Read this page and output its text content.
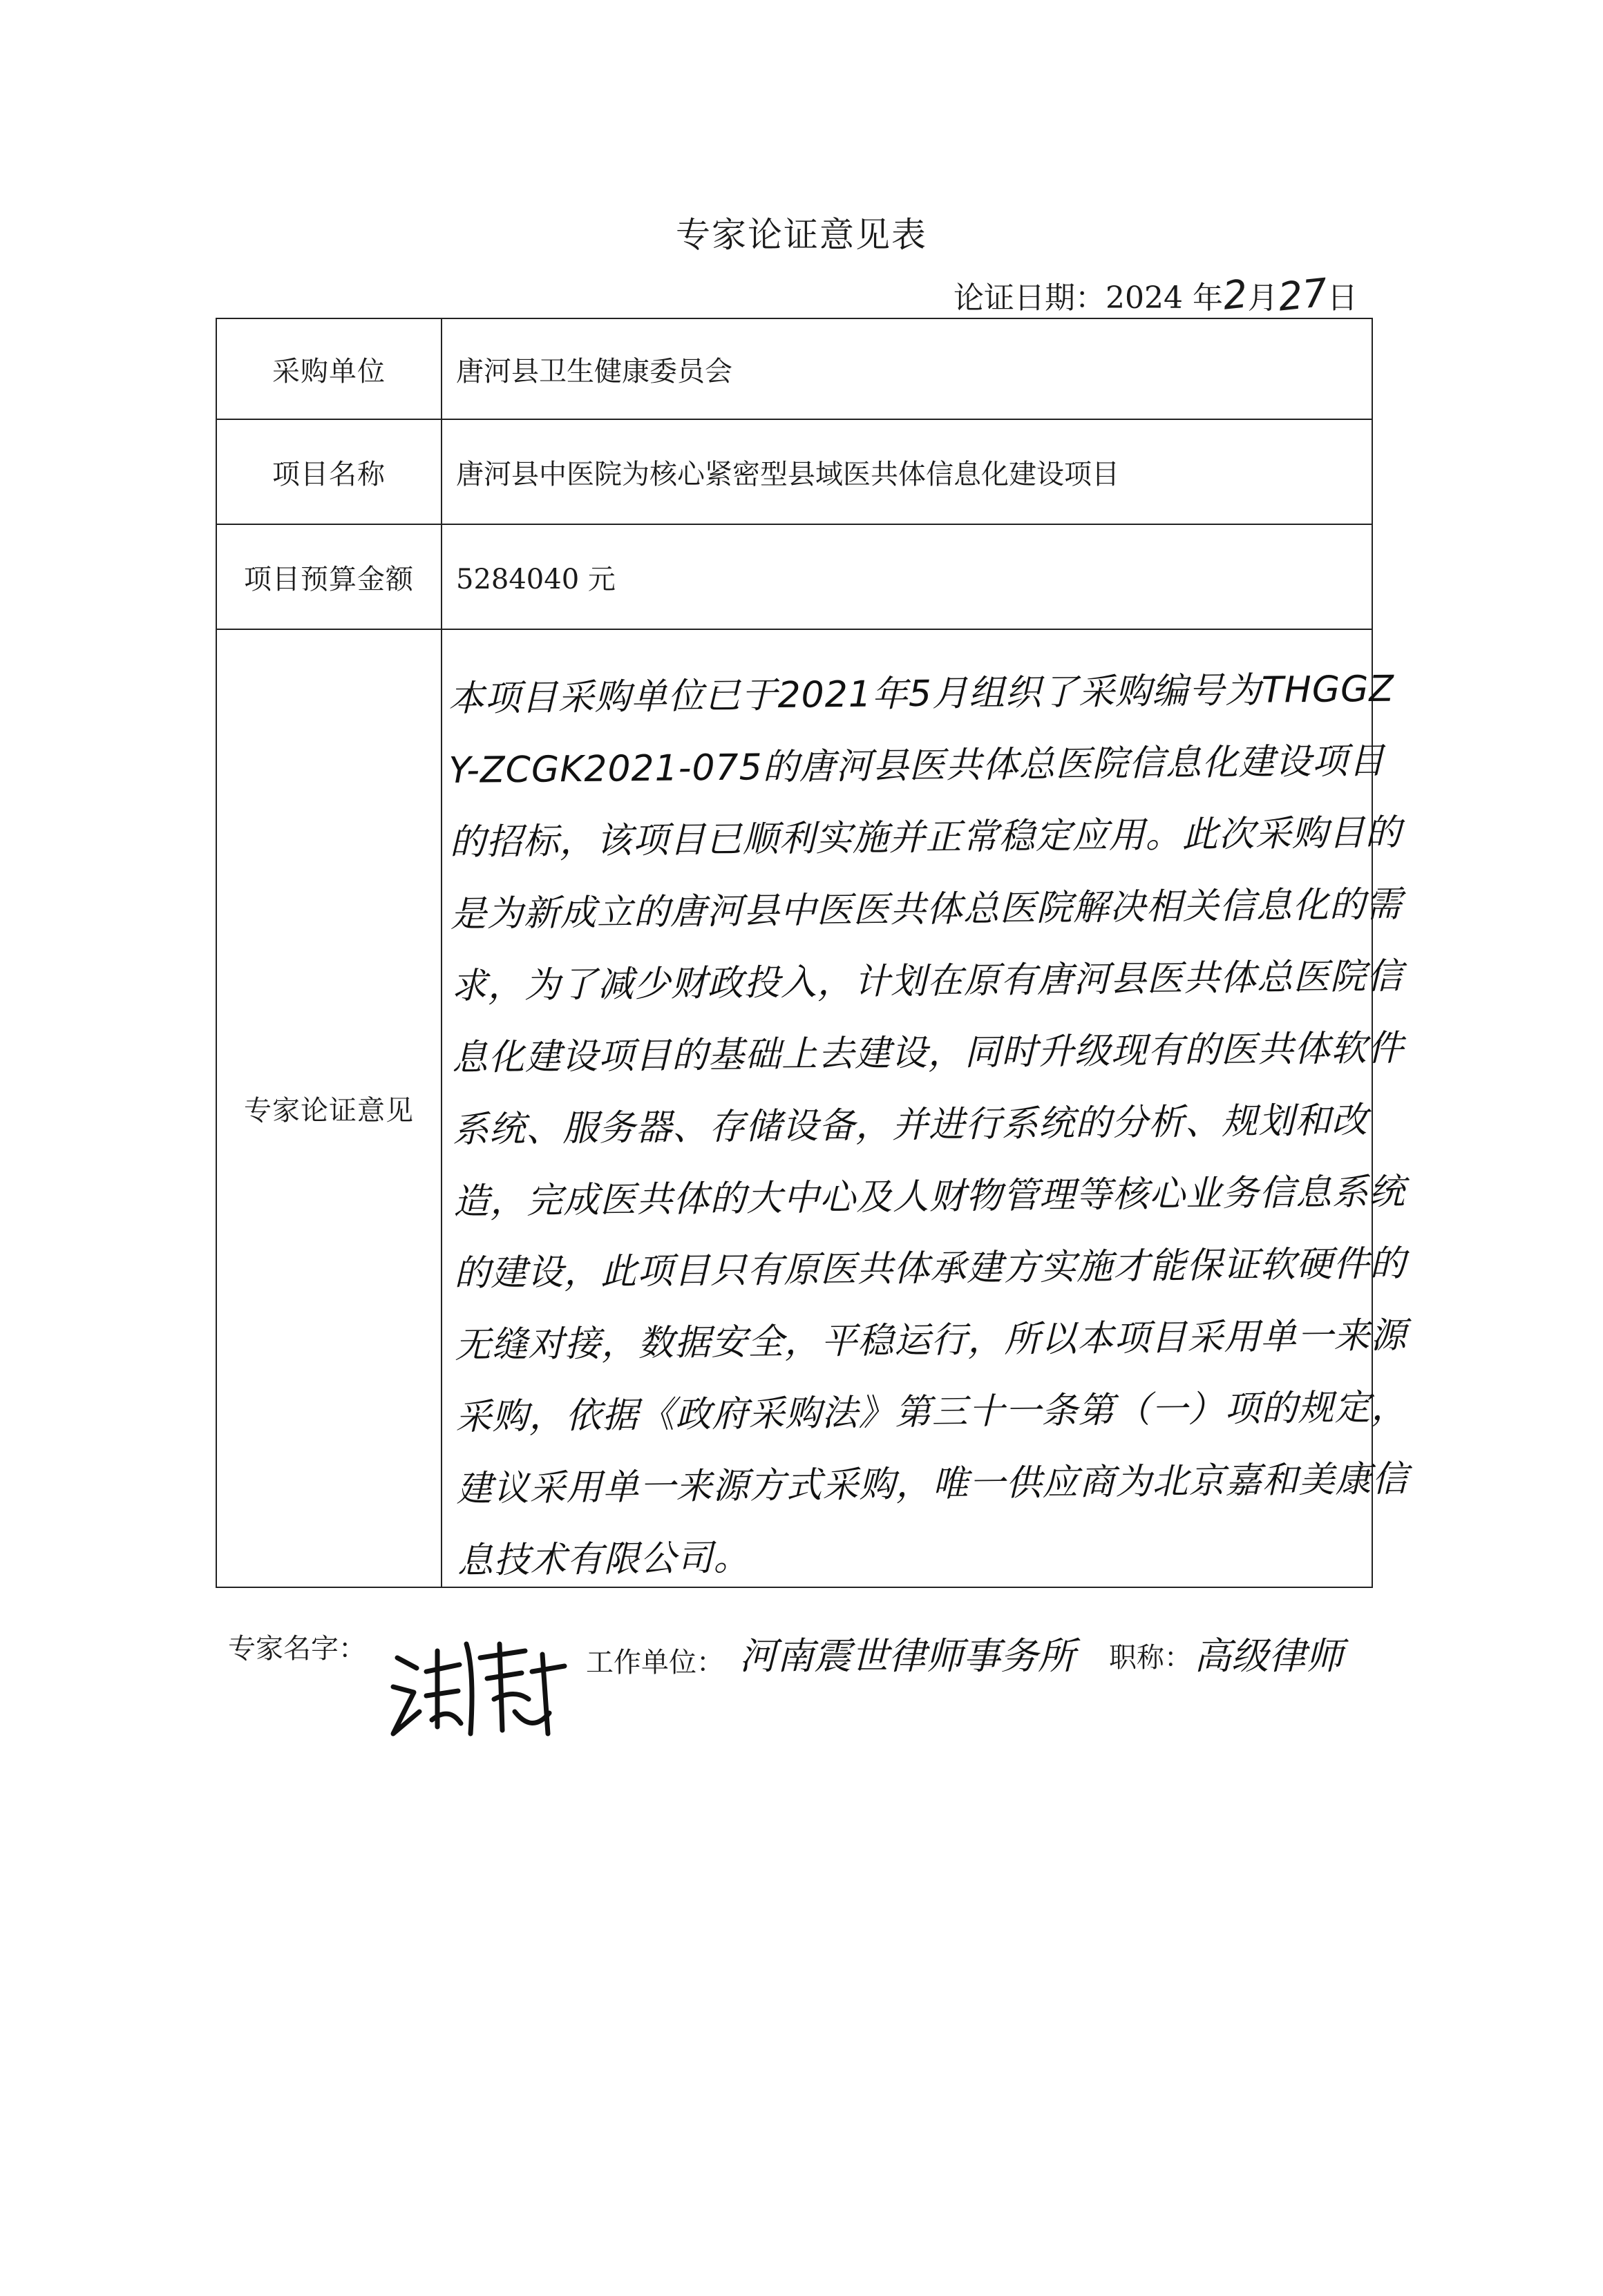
专家论证意见表
论证日期：2024 年2月27日
采购单位	唐河县卫生健康委员会
项目名称	唐河县中医院为核心紧密型县域医共体信息化建设项目
项目预算金额	5284040 元
专家论证意见	
本项目采购单位已于2021年5月组织了采购编号为THGGZY-ZCGK2021-075的唐河县医共体总医院信息化建设项目的招标，该项目已顺利实施并正常稳定应用。此次采购目的是为新成立的唐河县中医医共体总医院解决相关信息化的需求，为了减少财政投入，计划在原有唐河县医共体总医院信息化建设项目的基础上去建设，同时升级现有的医共体软件系统、服务器、存储设备，并进行系统的分析、规划和改造，完成医共体的大中心及人财物管理等核心业务信息系统的建设，此项目只有原医共体承建方实施才能保证软硬件的无缝对接，数据安全，平稳运行，所以本项目采用单一来源采购，依据《政府采购法》第三十一条第（一）项的规定，建议采用单一来源方式采购，唯一供应商为北京嘉和美康信息技术有限公司。
专家名字：	工作单位： 河南震世律师事务所 职称： 高级律师
